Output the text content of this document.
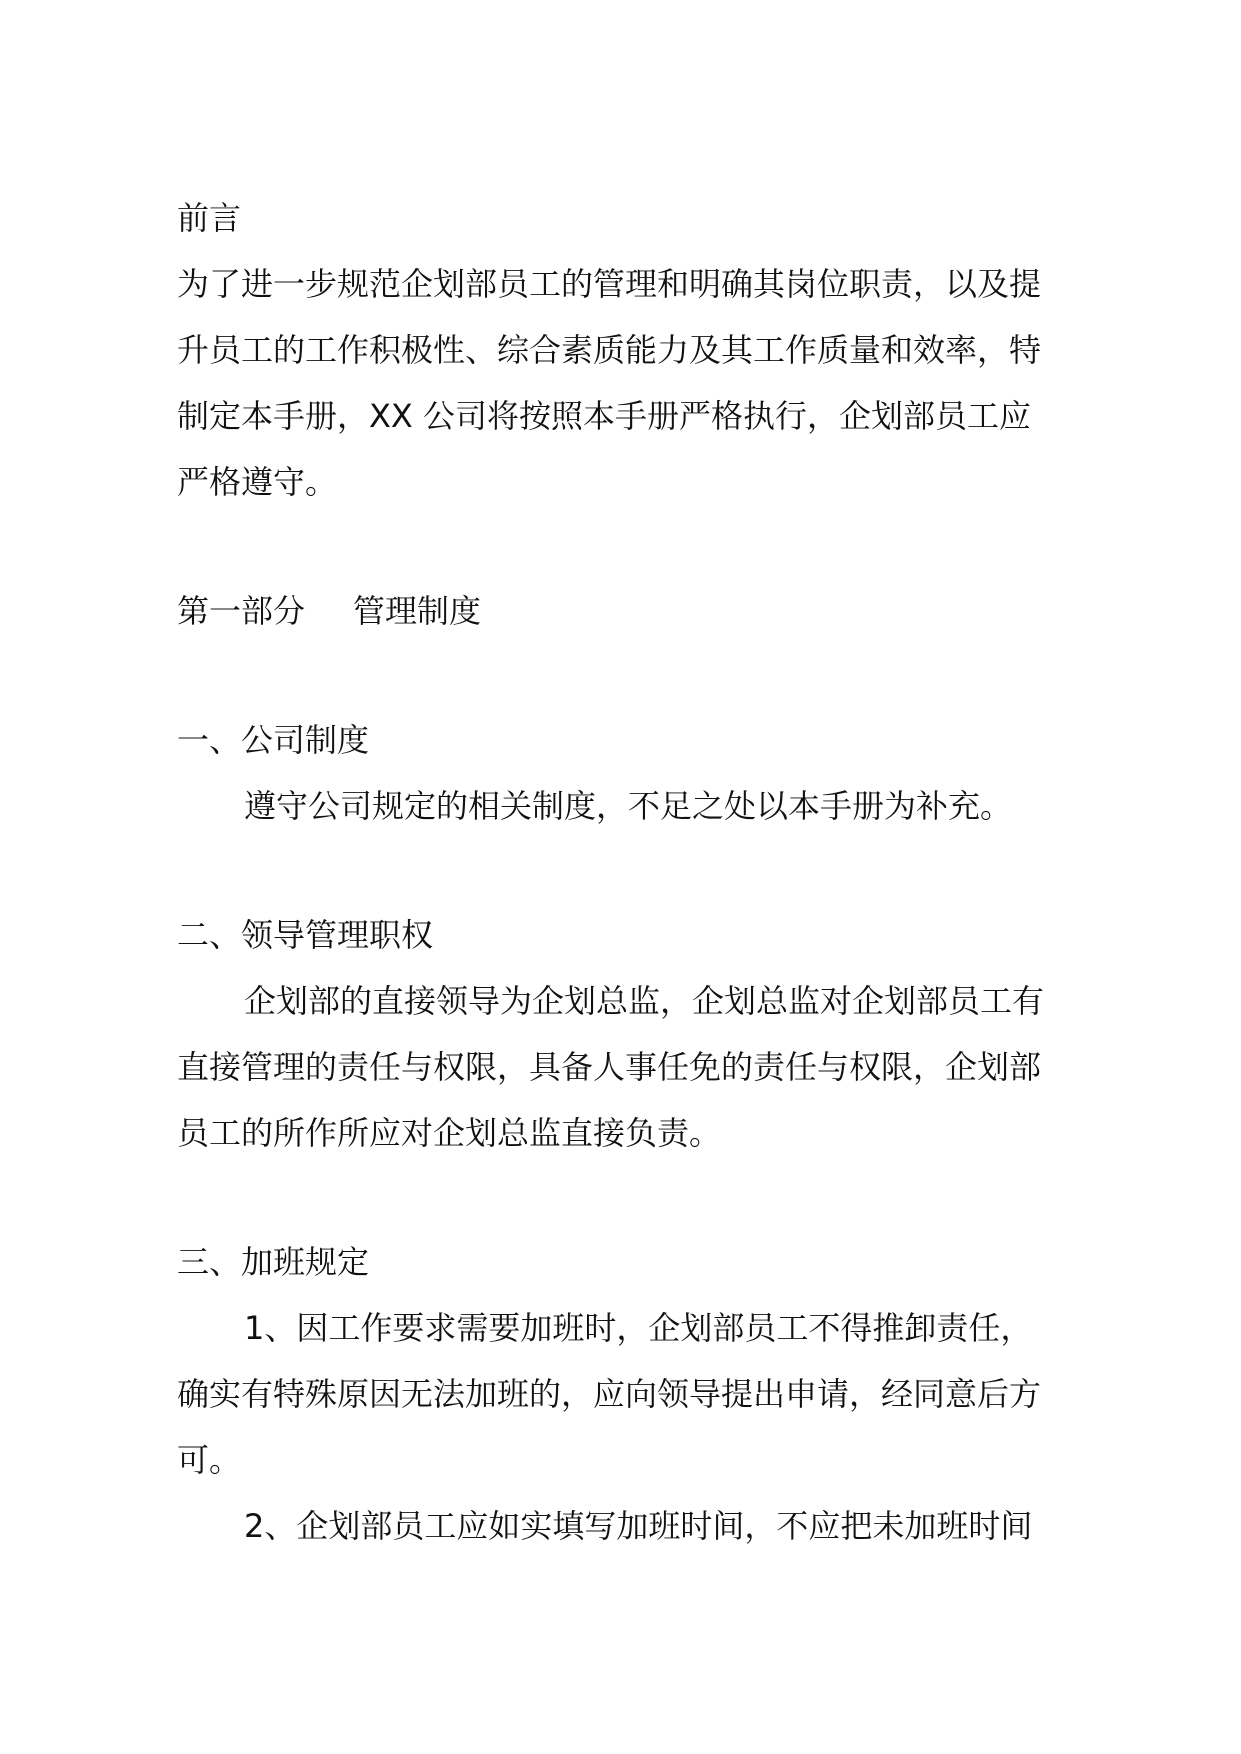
前言
为了进一步规范企划部员工的管理和明确其岗位职责，以及提
升员工的工作积极性、综合素质能力及其工作质量和效率，特
制定本手册，XX 公司将按照本手册严格执行，企划部员工应
严格遵守。
第一部分 管理制度
一、公司制度
遵守公司规定的相关制度，不足之处以本手册为补充。
二、领导管理职权
企划部的直接领导为企划总监，企划总监对企划部员工有
直接管理的责任与权限，具备人事任免的责任与权限，企划部
员工的所作所应对企划总监直接负责。
三、加班规定
1、因工作要求需要加班时，企划部员工不得推卸责任，
确实有特殊原因无法加班的，应向领导提出申请，经同意后方
可。
2、企划部员工应如实填写加班时间，不应把未加班时间
